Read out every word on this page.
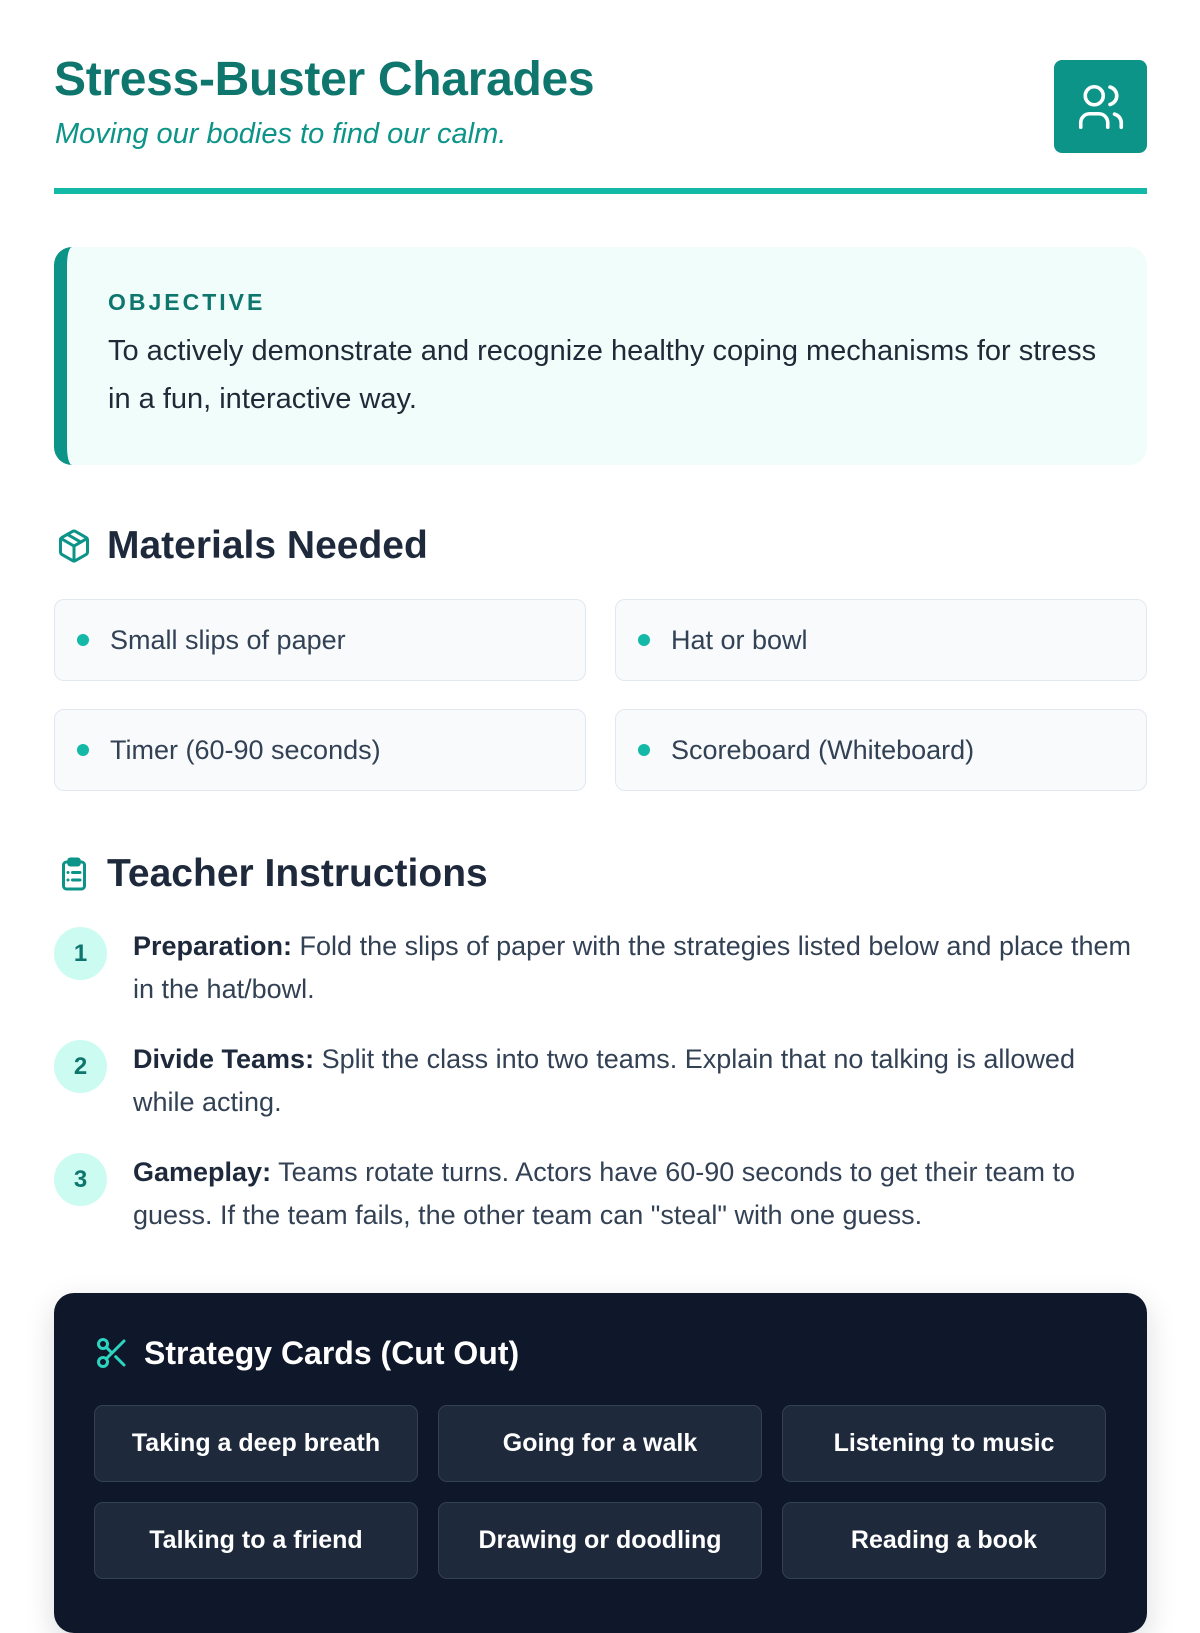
Stress-Buster Charades

Moving our bodies to find our calm.

OBJECTIVE
To actively demonstrate and recognize healthy coping mechanisms for stress in a fun, interactive way.
Materials Needed
Small slips of paper	Hat or bowl
Timer (60-90 seconds)	Scoreboard (Whiteboard)
Teacher Instructions
1	Preparation: Fold the slips of paper with the strategies listed below and place them in the hat/bowl.
2	Divide Teams: Split the class into two teams. Explain that no talking is allowed while acting.
3	Gameplay: Teams rotate turns. Actors have 60-90 seconds to get their team to guess. If the team fails, the other team can "steal" with one guess.
Strategy Cards (Cut Out)
Taking a deep breath	Going for a walk	Listening to music
Talking to a friend	Drawing or doodling	Reading a book
